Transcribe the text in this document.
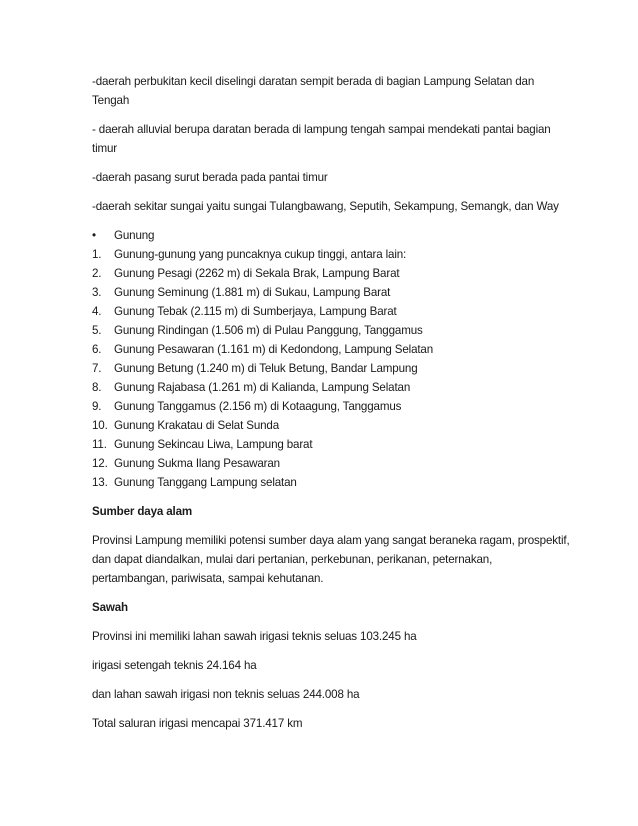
-daerah perbukitan kecil diselingi daratan sempit berada di bagian Lampung Selatan dan Tengah

- daerah alluvial berupa daratan berada di lampung tengah sampai mendekati pantai bagian timur

-daerah pasang surut berada pada pantai timur

-daerah sekitar sungai yaitu sungai Tulangbawang, Seputih, Sekampung, Semangk, dan Way

•	Gunung
1.	Gunung-gunung yang puncaknya cukup tinggi, antara lain:
2.	Gunung Pesagi (2262 m) di Sekala Brak, Lampung Barat
3.	Gunung Seminung (1.881 m) di Sukau, Lampung Barat
4.	Gunung Tebak (2.115 m) di Sumberjaya, Lampung Barat
5.	Gunung Rindingan (1.506 m) di Pulau Panggung, Tanggamus
6.	Gunung Pesawaran (1.161 m) di Kedondong, Lampung Selatan
7.	Gunung Betung (1.240 m) di Teluk Betung, Bandar Lampung
8.	Gunung Rajabasa (1.261 m) di Kalianda, Lampung Selatan
9.	Gunung Tanggamus (2.156 m) di Kotaagung, Tanggamus
10. Gunung Krakatau di Selat Sunda
11. Gunung Sekincau Liwa, Lampung barat
12. Gunung Sukma Ilang Pesawaran
13. Gunung Tanggang Lampung selatan

Sumber daya alam

Provinsi Lampung memiliki potensi sumber daya alam yang sangat beraneka ragam, prospektif, dan dapat diandalkan, mulai dari pertanian, perkebunan, perikanan, peternakan, pertambangan, pariwisata, sampai kehutanan.

Sawah

Provinsi ini memiliki lahan sawah irigasi teknis seluas 103.245 ha

irigasi setengah teknis 24.164 ha

dan lahan sawah irigasi non teknis seluas 244.008 ha

Total saluran irigasi mencapai 371.417 km
